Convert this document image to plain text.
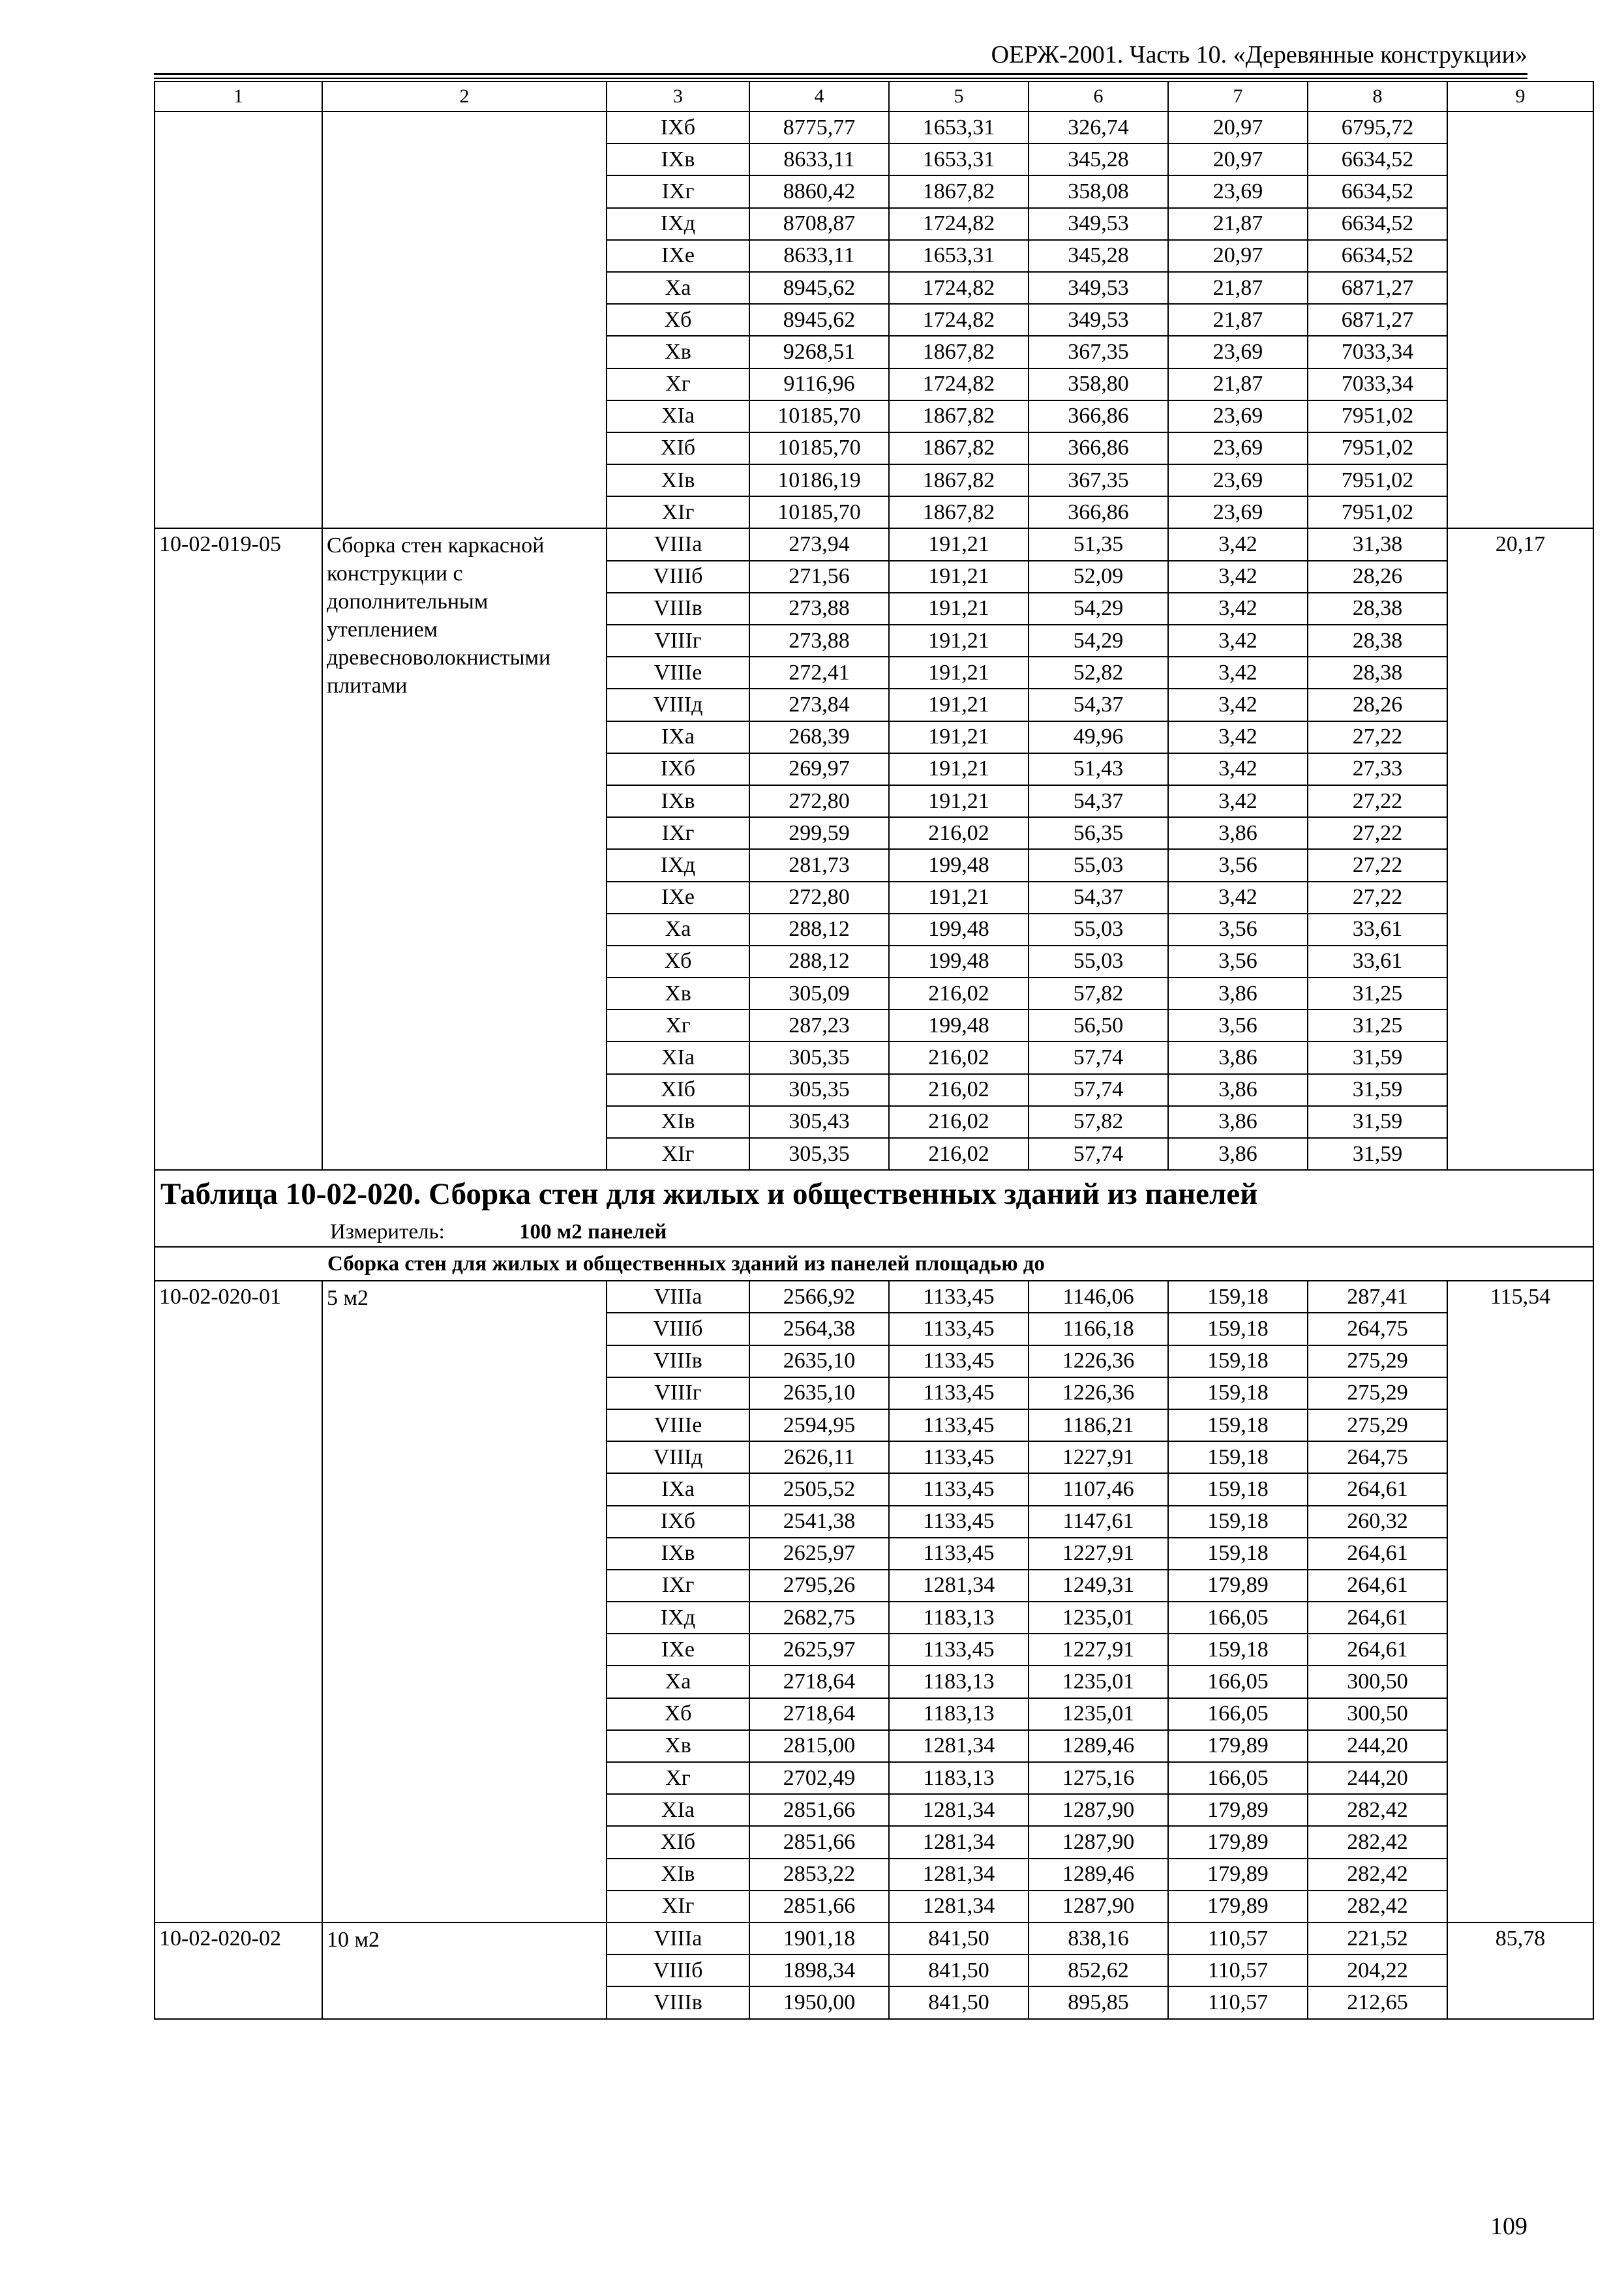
ОЕРЖ-2001. Часть 10. «Деревянные конструкции»
1	2	3	4	5	6	7	8	9
		IXб	8775,77	1653,31	326,74	20,97	6795,72	
		IXв	8633,11	1653,31	345,28	20,97	6634,52	
		IXг	8860,42	1867,82	358,08	23,69	6634,52	
		IXд	8708,87	1724,82	349,53	21,87	6634,52	
		IXе	8633,11	1653,31	345,28	20,97	6634,52	
		Xа	8945,62	1724,82	349,53	21,87	6871,27	
		Xб	8945,62	1724,82	349,53	21,87	6871,27	
		Xв	9268,51	1867,82	367,35	23,69	7033,34	
		Xг	9116,96	1724,82	358,80	21,87	7033,34	
		XIа	10185,70	1867,82	366,86	23,69	7951,02	
		XIб	10185,70	1867,82	366,86	23,69	7951,02	
		XIв	10186,19	1867,82	367,35	23,69	7951,02	
		XIг	10185,70	1867,82	366,86	23,69	7951,02	
10-02-019-05	Сборка стен каркасной конструкции с дополнительным утеплением древесноволокнистыми плитами	VIIIа	273,94	191,21	51,35	3,42	31,38	20,17
		VIIIб	271,56	191,21	52,09	3,42	28,26	
		VIIIв	273,88	191,21	54,29	3,42	28,38	
		VIIIг	273,88	191,21	54,29	3,42	28,38	
		VIIIе	272,41	191,21	52,82	3,42	28,38	
		VIIIд	273,84	191,21	54,37	3,42	28,26	
		IXа	268,39	191,21	49,96	3,42	27,22	
		IXб	269,97	191,21	51,43	3,42	27,33	
		IXв	272,80	191,21	54,37	3,42	27,22	
		IXг	299,59	216,02	56,35	3,86	27,22	
		IXд	281,73	199,48	55,03	3,56	27,22	
		IXе	272,80	191,21	54,37	3,42	27,22	
		Xа	288,12	199,48	55,03	3,56	33,61	
		Xб	288,12	199,48	55,03	3,56	33,61	
		Xв	305,09	216,02	57,82	3,86	31,25	
		Xг	287,23	199,48	56,50	3,56	31,25	
		XIа	305,35	216,02	57,74	3,86	31,59	
		XIб	305,35	216,02	57,74	3,86	31,59	
		XIв	305,43	216,02	57,82	3,86	31,59	
		XIг	305,35	216,02	57,74	3,86	31,59	
Таблица 10-02-020. Сборка стен для жилых и общественных зданий из панелей								
Измеритель: 100 м2 панелей								
Сборка стен для жилых и общественных зданий из панелей площадью до								
10-02-020-01	5 м2	VIIIа	2566,92	1133,45	1146,06	159,18	287,41	115,54
		VIIIб	2564,38	1133,45	1166,18	159,18	264,75	
		VIIIв	2635,10	1133,45	1226,36	159,18	275,29	
		VIIIг	2635,10	1133,45	1226,36	159,18	275,29	
		VIIIе	2594,95	1133,45	1186,21	159,18	275,29	
		VIIIд	2626,11	1133,45	1227,91	159,18	264,75	
		IXа	2505,52	1133,45	1107,46	159,18	264,61	
		IXб	2541,38	1133,45	1147,61	159,18	260,32	
		IXв	2625,97	1133,45	1227,91	159,18	264,61	
		IXг	2795,26	1281,34	1249,31	179,89	264,61	
		IXд	2682,75	1183,13	1235,01	166,05	264,61	
		IXе	2625,97	1133,45	1227,91	159,18	264,61	
		Xа	2718,64	1183,13	1235,01	166,05	300,50	
		Xб	2718,64	1183,13	1235,01	166,05	300,50	
		Xв	2815,00	1281,34	1289,46	179,89	244,20	
		Xг	2702,49	1183,13	1275,16	166,05	244,20	
		XIа	2851,66	1281,34	1287,90	179,89	282,42	
		XIб	2851,66	1281,34	1287,90	179,89	282,42	
		XIв	2853,22	1281,34	1289,46	179,89	282,42	
		XIг	2851,66	1281,34	1287,90	179,89	282,42	
10-02-020-02	10 м2	VIIIа	1901,18	841,50	838,16	110,57	221,52	85,78
		VIIIб	1898,34	841,50	852,62	110,57	204,22	
		VIIIв	1950,00	841,50	895,85	110,57	212,65	
109
